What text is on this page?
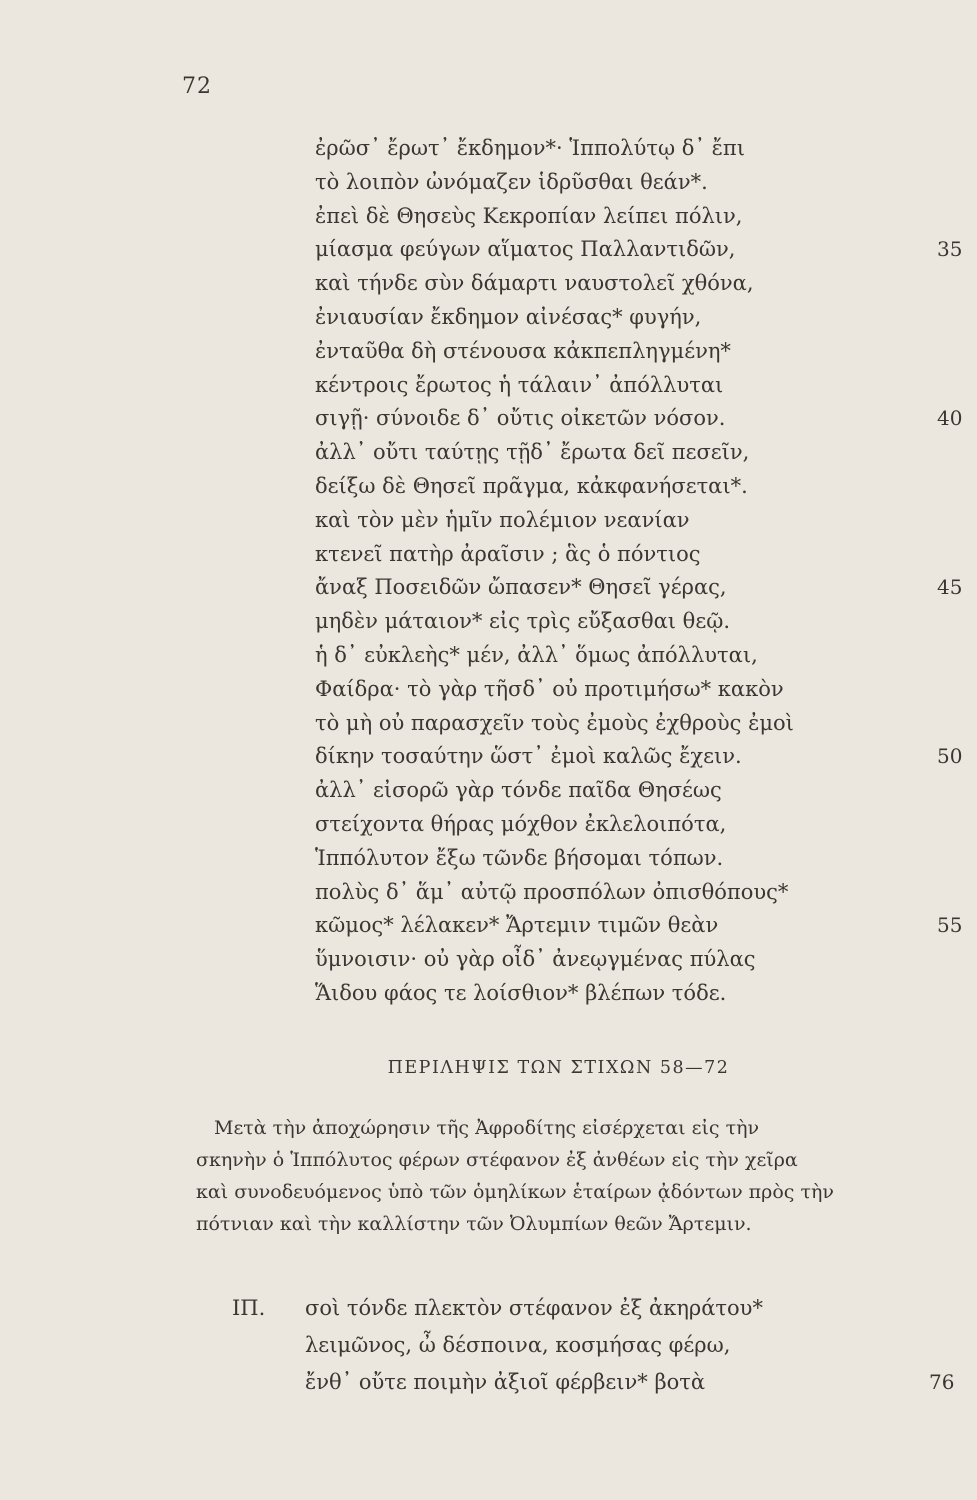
72
ἐρῶσ᾽ ἔρωτ᾽ ἔκδημον*· Ἱππολύτῳ δ᾽ ἔπι
τὸ λοιπὸν ὠνόμαζεν ἱδρῦσθαι θεάν*.
ἐπεὶ δὲ Θησεὺς Κεκροπίαν λείπει πόλιν,
μίασμα φεύγων αἵματος Παλλαντιδῶν,	35
καὶ τήνδε σὺν δάμαρτι ναυστολεῖ χθόνα,
ἐνιαυσίαν ἔκδημον αἰνέσας* φυγήν,
ἐνταῦθα δὴ στένουσα κἀκπεπληγμένη*
κέντροις ἔρωτος ἡ τάλαιν᾽ ἀπόλλυται
σιγῇ· σύνοιδε δ᾽ οὔτις οἰκετῶν νόσον.	40
ἀλλ᾽ οὔτι ταύτῃς τῇδ᾽ ἔρωτα δεῖ πεσεῖν,
δείξω δὲ Θησεῖ πρᾶγμα, κἀκφανήσεται*.
καὶ τὸν μὲν ἡμῖν πολέμιον νεανίαν
κτενεῖ πατὴρ ἀραῖσιν ; ἃς ὁ πόντιος
ἄναξ Ποσειδῶν ὤπασεν* Θησεῖ γέρας,	45
μηδὲν μάταιον* εἰς τρὶς εὔξασθαι θεῷ.
ἡ δ᾽ εὐκλεὴς* μέν, ἀλλ᾽ ὅμως ἀπόλλυται,
Φαίδρα· τὸ γὰρ τῆσδ᾽ οὐ προτιμήσω* κακὸν
τὸ μὴ οὐ παρασχεῖν τοὺς ἐμοὺς ἐχθροὺς ἐμοὶ
δίκην τοσαύτην ὥστ᾽ ἐμοὶ καλῶς ἔχειν.	50
ἀλλ᾽ εἰσορῶ γὰρ τόνδε παῖδα Θησέως
στείχοντα θήρας μόχθον ἐκλελοιπότα,
Ἱππόλυτον ἔξω τῶνδε βήσομαι τόπων.
πολὺς δ᾽ ἅμ᾽ αὐτῷ προσπόλων ὀπισθόπους*
κῶμος* λέλακεν* Ἄρτεμιν τιμῶν θεὰν	55
ὕμνοισιν· οὐ γὰρ οἶδ᾽ ἀνεῳγμένας πύλας
Ἅιδου φάος τε λοίσθιον* βλέπων τόδε.
ΠΕΡΙΛΗΨΙΣ ΤΩΝ ΣΤΙΧΩΝ 58—72
Μετὰ τὴν ἀποχώρησιν τῆς Ἀφροδίτης εἰσέρχεται εἰς τὴν
σκηνὴν ὁ Ἱππόλυτος φέρων στέφανον ἐξ ἀνθέων εἰς τὴν χεῖρα
καὶ συνοδευόμενος ὑπὸ τῶν ὁμηλίκων ἑταίρων ᾀδόντων πρὸς τὴν
πότνιαν καὶ τὴν καλλίστην τῶν Ὀλυμπίων θεῶν Ἄρτεμιν.
ΙΠ. σοὶ τόνδε πλεκτὸν στέφανον ἐξ ἀκηράτου*
λειμῶνος, ὦ δέσποινα, κοσμήσας φέρω,
ἔνθ᾽ οὔτε ποιμὴν ἀξιοῖ φέρβειν* βοτὰ	76
